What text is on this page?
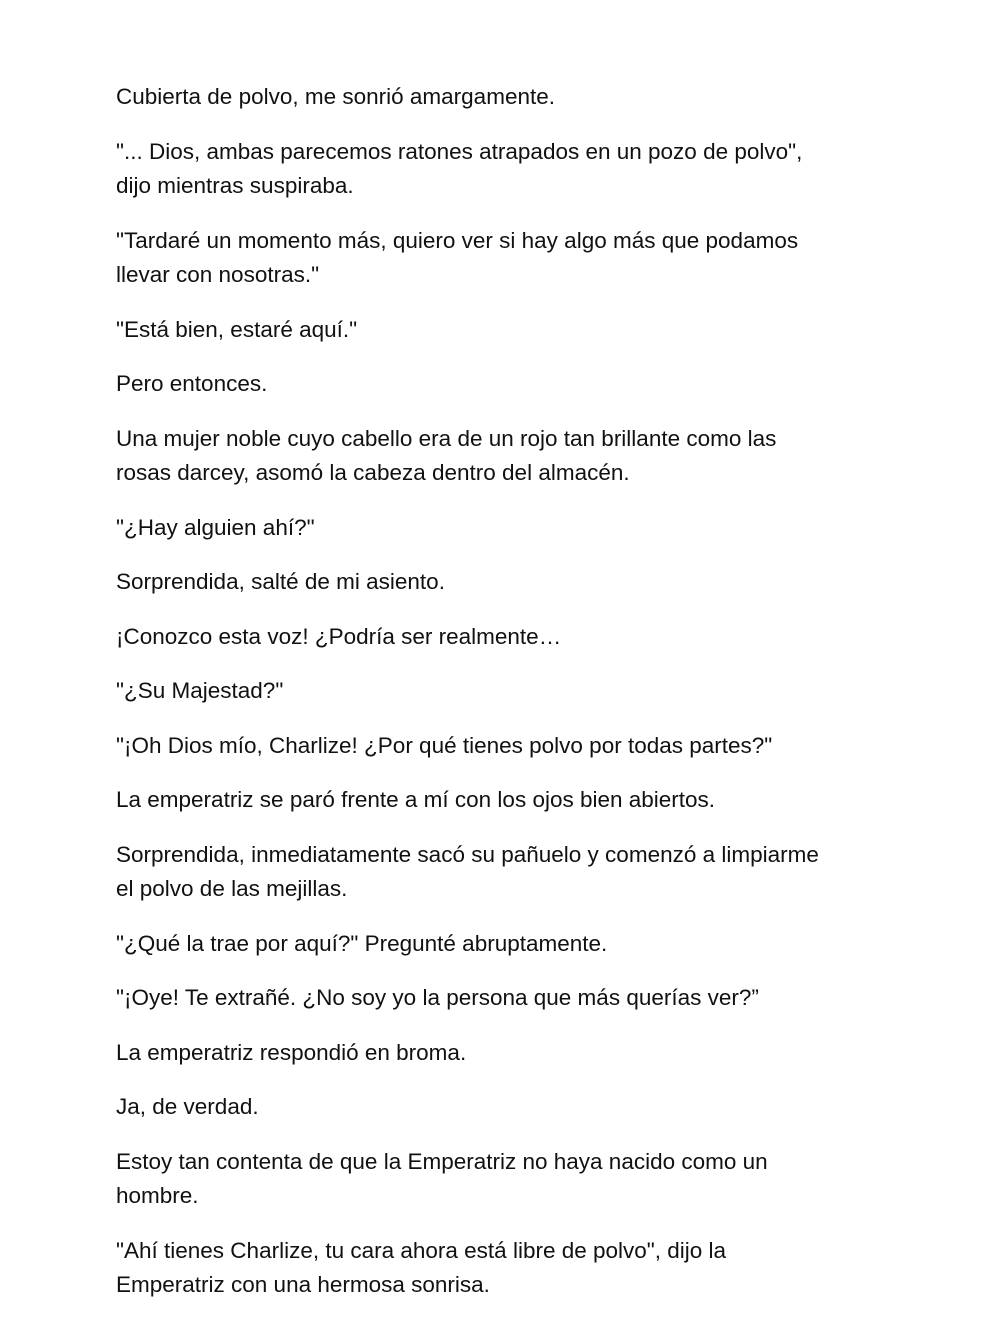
Cubierta de polvo, me sonrió amargamente.

"... Dios, ambas parecemos ratones atrapados en un pozo de polvo",
dijo mientras suspiraba.

"Tardaré un momento más, quiero ver si hay algo más que podamos
llevar con nosotras."

"Está bien, estaré aquí."

Pero entonces.

Una mujer noble cuyo cabello era de un rojo tan brillante como las
rosas darcey, asomó la cabeza dentro del almacén.

"¿Hay alguien ahí?"

Sorprendida, salté de mi asiento.

¡Conozco esta voz! ¿Podría ser realmente…

"¿Su Majestad?"

"¡Oh Dios mío, Charlize! ¿Por qué tienes polvo por todas partes?"

La emperatriz se paró frente a mí con los ojos bien abiertos.

Sorprendida, inmediatamente sacó su pañuelo y comenzó a limpiarme
el polvo de las mejillas.

"¿Qué la trae por aquí?" Pregunté abruptamente.

"¡Oye! Te extrañé. ¿No soy yo la persona que más querías ver?”

La emperatriz respondió en broma.

Ja, de verdad.

Estoy tan contenta de que la Emperatriz no haya nacido como un
hombre.

"Ahí tienes Charlize, tu cara ahora está libre de polvo", dijo la
Emperatriz con una hermosa sonrisa.
